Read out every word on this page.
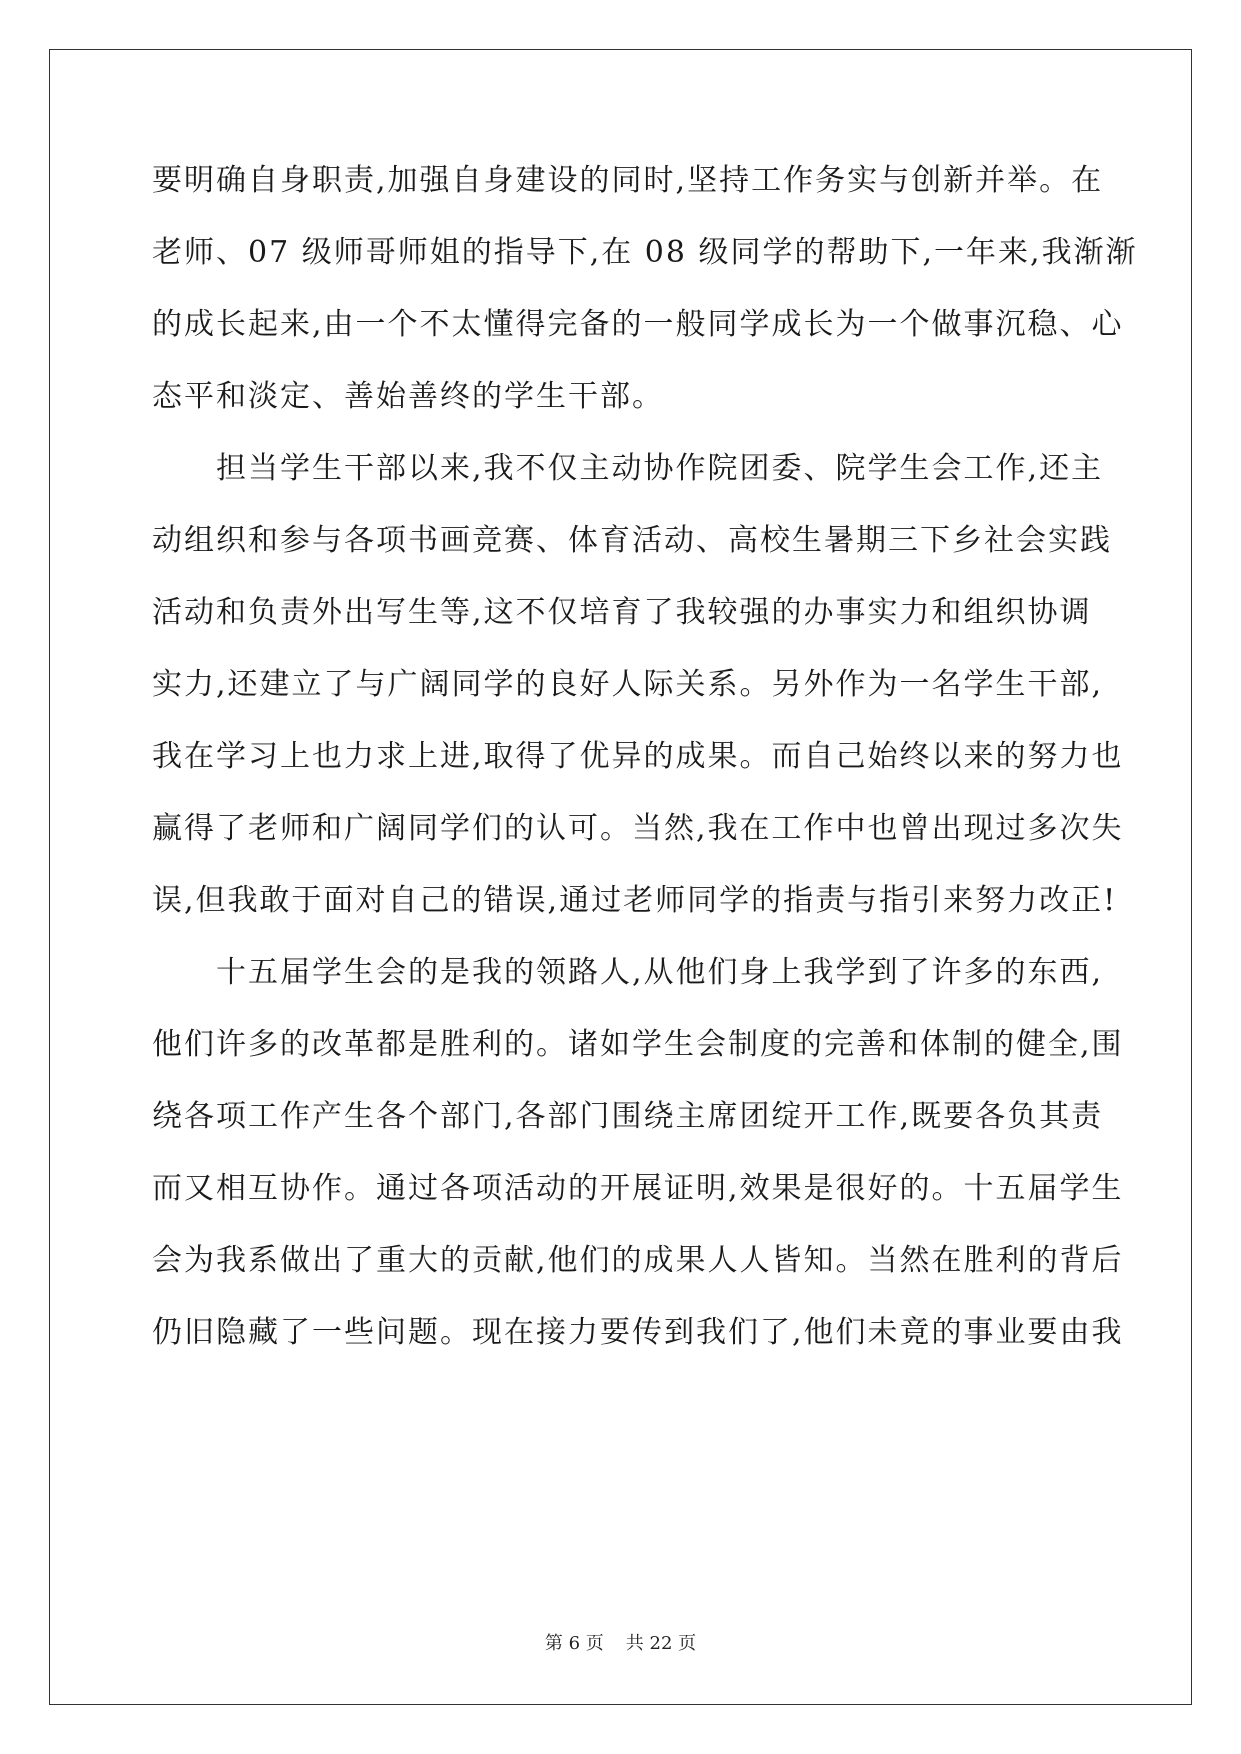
要明确自身职责,加强自身建设的同时,坚持工作务实与创新并举。在
老师、07 级师哥师姐的指导下,在 08 级同学的帮助下,一年来,我渐渐
的成长起来,由一个不太懂得完备的一般同学成长为一个做事沉稳、心
态平和淡定、善始善终的学生干部。
担当学生干部以来,我不仅主动协作院团委、院学生会工作,还主
动组织和参与各项书画竞赛、体育活动、高校生暑期三下乡社会实践
活动和负责外出写生等,这不仅培育了我较强的办事实力和组织协调
实力,还建立了与广阔同学的良好人际关系。另外作为一名学生干部,
我在学习上也力求上进,取得了优异的成果。而自己始终以来的努力也
赢得了老师和广阔同学们的认可。当然,我在工作中也曾出现过多次失
误,但我敢于面对自己的错误,通过老师同学的指责与指引来努力改正!
十五届学生会的是我的领路人,从他们身上我学到了许多的东西,
他们许多的改革都是胜利的。诸如学生会制度的完善和体制的健全,围
绕各项工作产生各个部门,各部门围绕主席团绽开工作,既要各负其责
而又相互协作。通过各项活动的开展证明,效果是很好的。十五届学生
会为我系做出了重大的贡献,他们的成果人人皆知。当然在胜利的背后
仍旧隐藏了一些问题。现在接力要传到我们了,他们未竟的事业要由我
第 6 页 共 22 页
